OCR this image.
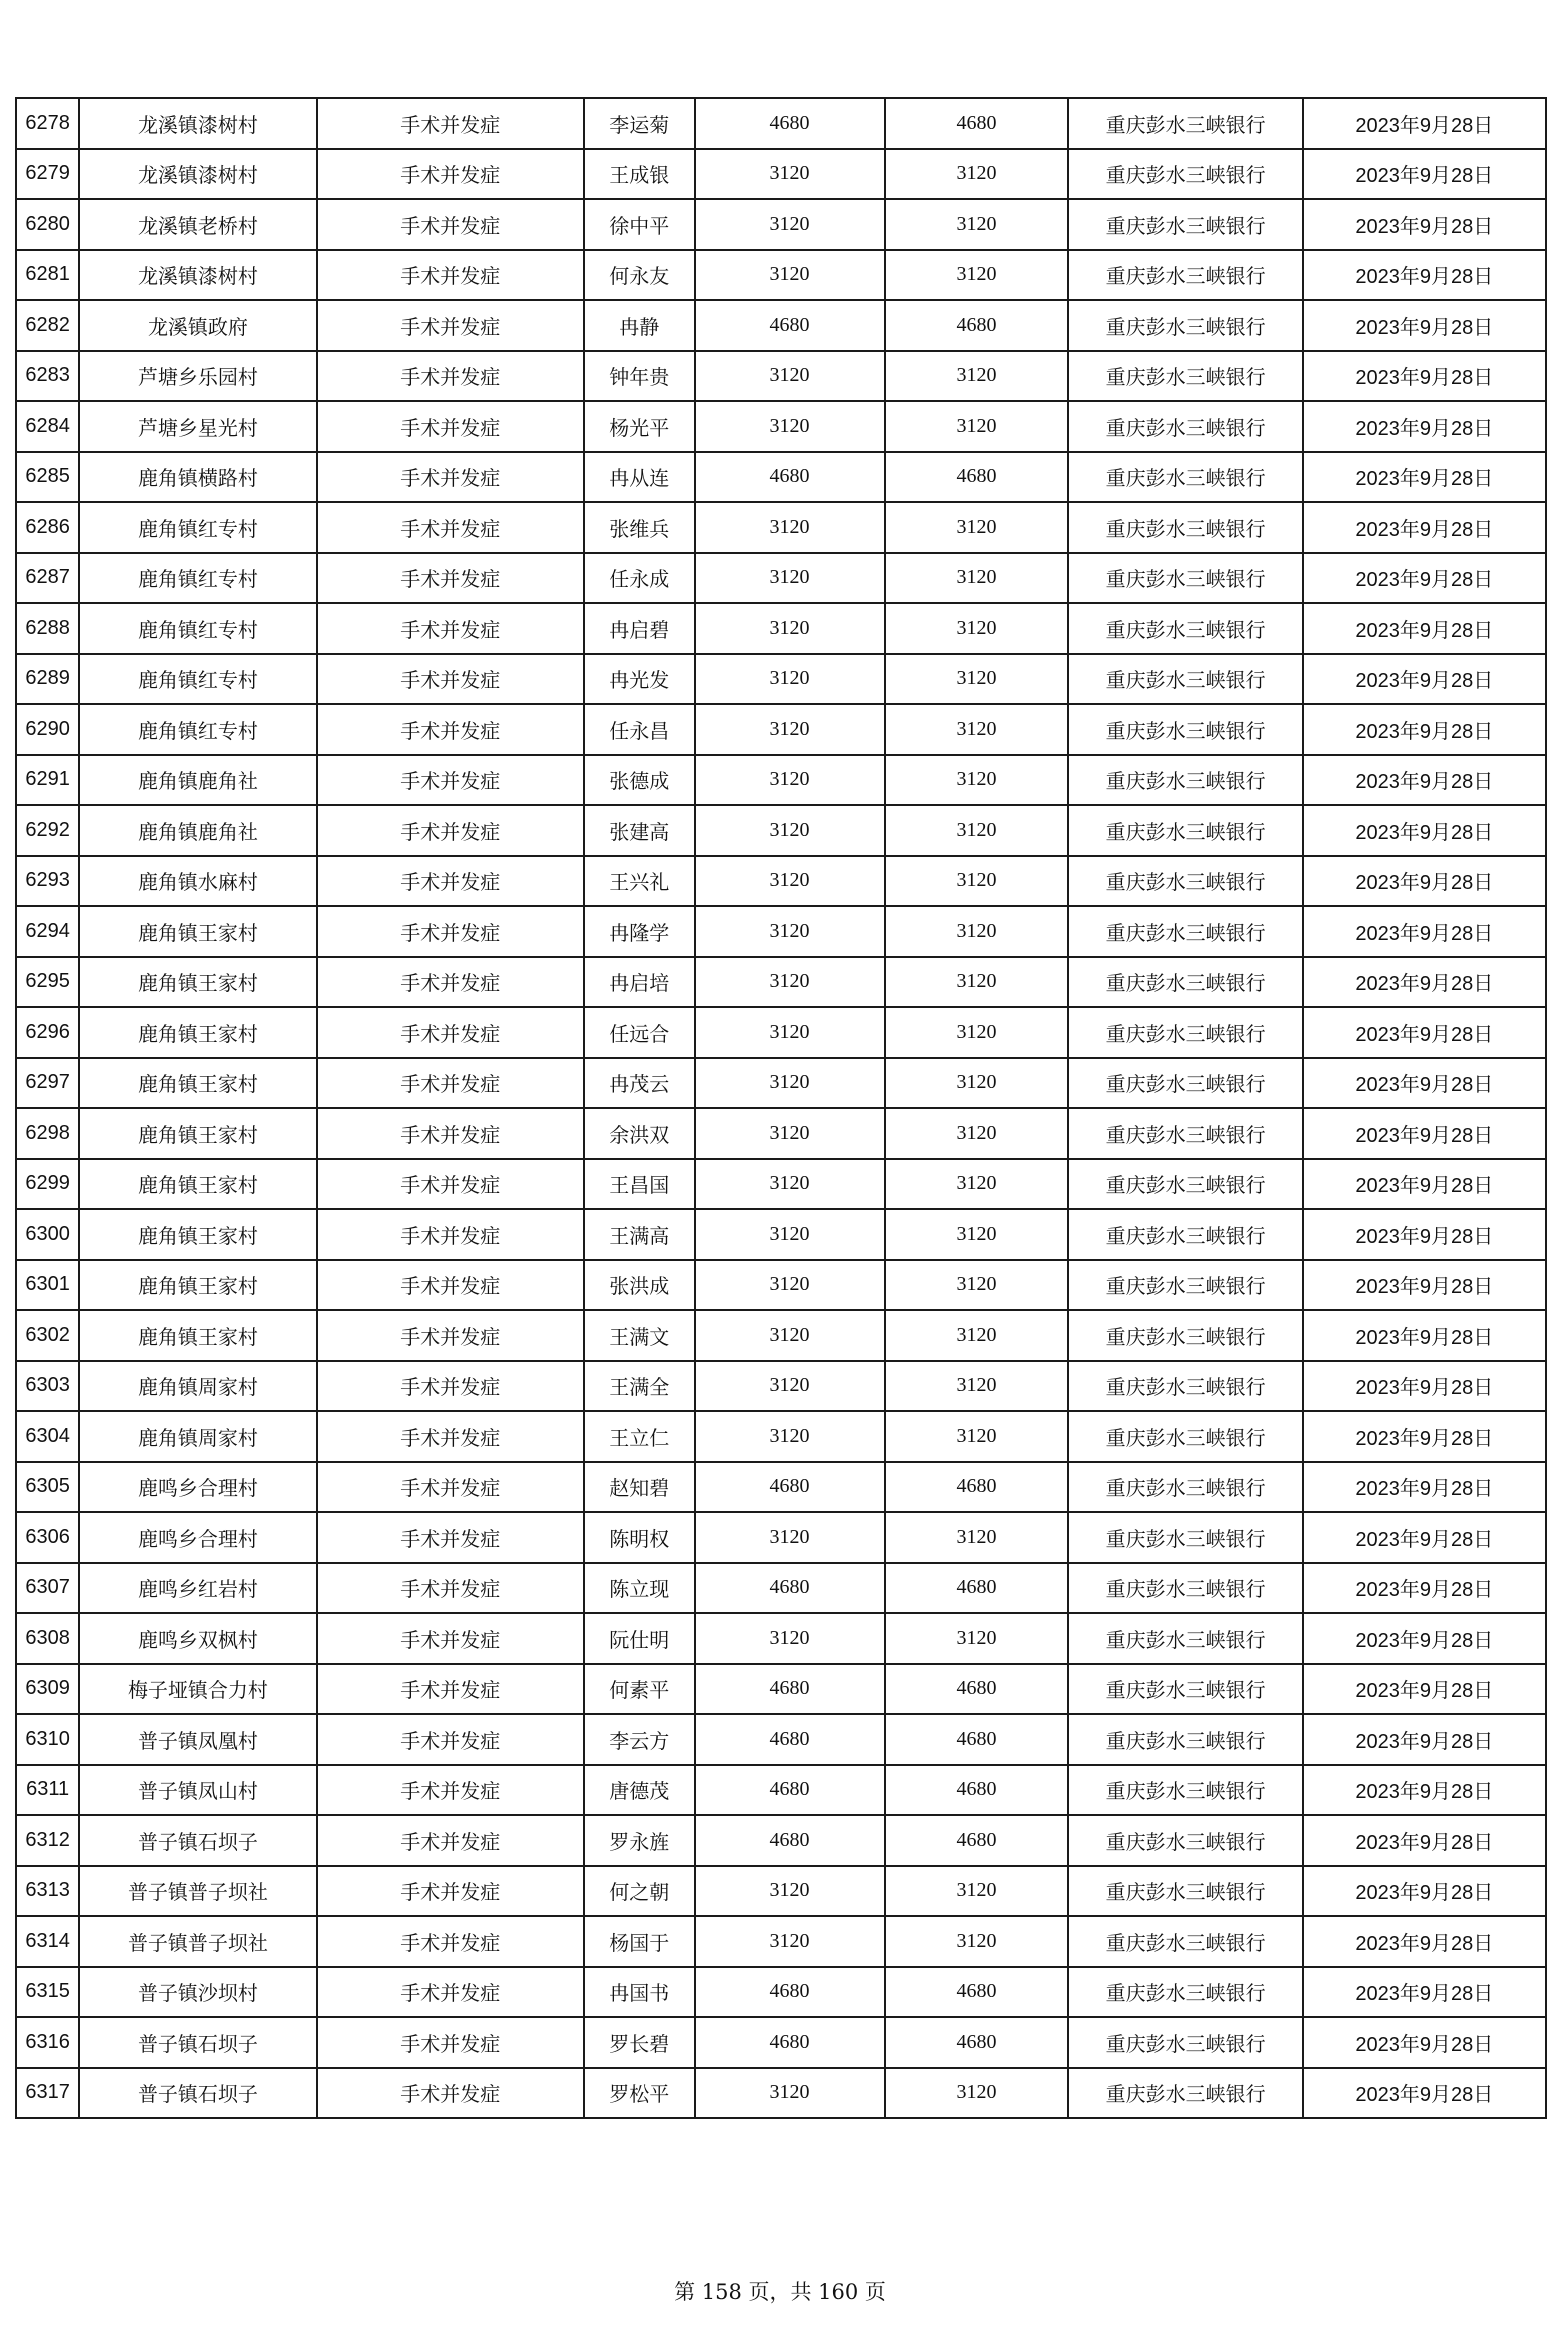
6278	龙溪镇漆树村	手术并发症	李运菊	4680	4680	重庆彭水三峡银行	2023年9月28日
6279	龙溪镇漆树村	手术并发症	王成银	3120	3120	重庆彭水三峡银行	2023年9月28日
6280	龙溪镇老桥村	手术并发症	徐中平	3120	3120	重庆彭水三峡银行	2023年9月28日
6281	龙溪镇漆树村	手术并发症	何永友	3120	3120	重庆彭水三峡银行	2023年9月28日
6282	龙溪镇政府	手术并发症	冉静	4680	4680	重庆彭水三峡银行	2023年9月28日
6283	芦塘乡乐园村	手术并发症	钟年贵	3120	3120	重庆彭水三峡银行	2023年9月28日
6284	芦塘乡星光村	手术并发症	杨光平	3120	3120	重庆彭水三峡银行	2023年9月28日
6285	鹿角镇横路村	手术并发症	冉从连	4680	4680	重庆彭水三峡银行	2023年9月28日
6286	鹿角镇红专村	手术并发症	张维兵	3120	3120	重庆彭水三峡银行	2023年9月28日
6287	鹿角镇红专村	手术并发症	任永成	3120	3120	重庆彭水三峡银行	2023年9月28日
6288	鹿角镇红专村	手术并发症	冉启碧	3120	3120	重庆彭水三峡银行	2023年9月28日
6289	鹿角镇红专村	手术并发症	冉光发	3120	3120	重庆彭水三峡银行	2023年9月28日
6290	鹿角镇红专村	手术并发症	任永昌	3120	3120	重庆彭水三峡银行	2023年9月28日
6291	鹿角镇鹿角社	手术并发症	张德成	3120	3120	重庆彭水三峡银行	2023年9月28日
6292	鹿角镇鹿角社	手术并发症	张建高	3120	3120	重庆彭水三峡银行	2023年9月28日
6293	鹿角镇水麻村	手术并发症	王兴礼	3120	3120	重庆彭水三峡银行	2023年9月28日
6294	鹿角镇王家村	手术并发症	冉隆学	3120	3120	重庆彭水三峡银行	2023年9月28日
6295	鹿角镇王家村	手术并发症	冉启培	3120	3120	重庆彭水三峡银行	2023年9月28日
6296	鹿角镇王家村	手术并发症	任远合	3120	3120	重庆彭水三峡银行	2023年9月28日
6297	鹿角镇王家村	手术并发症	冉茂云	3120	3120	重庆彭水三峡银行	2023年9月28日
6298	鹿角镇王家村	手术并发症	余洪双	3120	3120	重庆彭水三峡银行	2023年9月28日
6299	鹿角镇王家村	手术并发症	王昌国	3120	3120	重庆彭水三峡银行	2023年9月28日
6300	鹿角镇王家村	手术并发症	王满高	3120	3120	重庆彭水三峡银行	2023年9月28日
6301	鹿角镇王家村	手术并发症	张洪成	3120	3120	重庆彭水三峡银行	2023年9月28日
6302	鹿角镇王家村	手术并发症	王满文	3120	3120	重庆彭水三峡银行	2023年9月28日
6303	鹿角镇周家村	手术并发症	王满全	3120	3120	重庆彭水三峡银行	2023年9月28日
6304	鹿角镇周家村	手术并发症	王立仁	3120	3120	重庆彭水三峡银行	2023年9月28日
6305	鹿鸣乡合理村	手术并发症	赵知碧	4680	4680	重庆彭水三峡银行	2023年9月28日
6306	鹿鸣乡合理村	手术并发症	陈明权	3120	3120	重庆彭水三峡银行	2023年9月28日
6307	鹿鸣乡红岩村	手术并发症	陈立现	4680	4680	重庆彭水三峡银行	2023年9月28日
6308	鹿鸣乡双枫村	手术并发症	阮仕明	3120	3120	重庆彭水三峡银行	2023年9月28日
6309	梅子垭镇合力村	手术并发症	何素平	4680	4680	重庆彭水三峡银行	2023年9月28日
6310	普子镇凤凰村	手术并发症	李云方	4680	4680	重庆彭水三峡银行	2023年9月28日
6311	普子镇凤山村	手术并发症	唐德茂	4680	4680	重庆彭水三峡银行	2023年9月28日
6312	普子镇石坝子	手术并发症	罗永旌	4680	4680	重庆彭水三峡银行	2023年9月28日
6313	普子镇普子坝社	手术并发症	何之朝	3120	3120	重庆彭水三峡银行	2023年9月28日
6314	普子镇普子坝社	手术并发症	杨国于	3120	3120	重庆彭水三峡银行	2023年9月28日
6315	普子镇沙坝村	手术并发症	冉国书	4680	4680	重庆彭水三峡银行	2023年9月28日
6316	普子镇石坝子	手术并发症	罗长碧	4680	4680	重庆彭水三峡银行	2023年9月28日
6317	普子镇石坝子	手术并发症	罗松平	3120	3120	重庆彭水三峡银行	2023年9月28日
第 158 页，共 160 页
